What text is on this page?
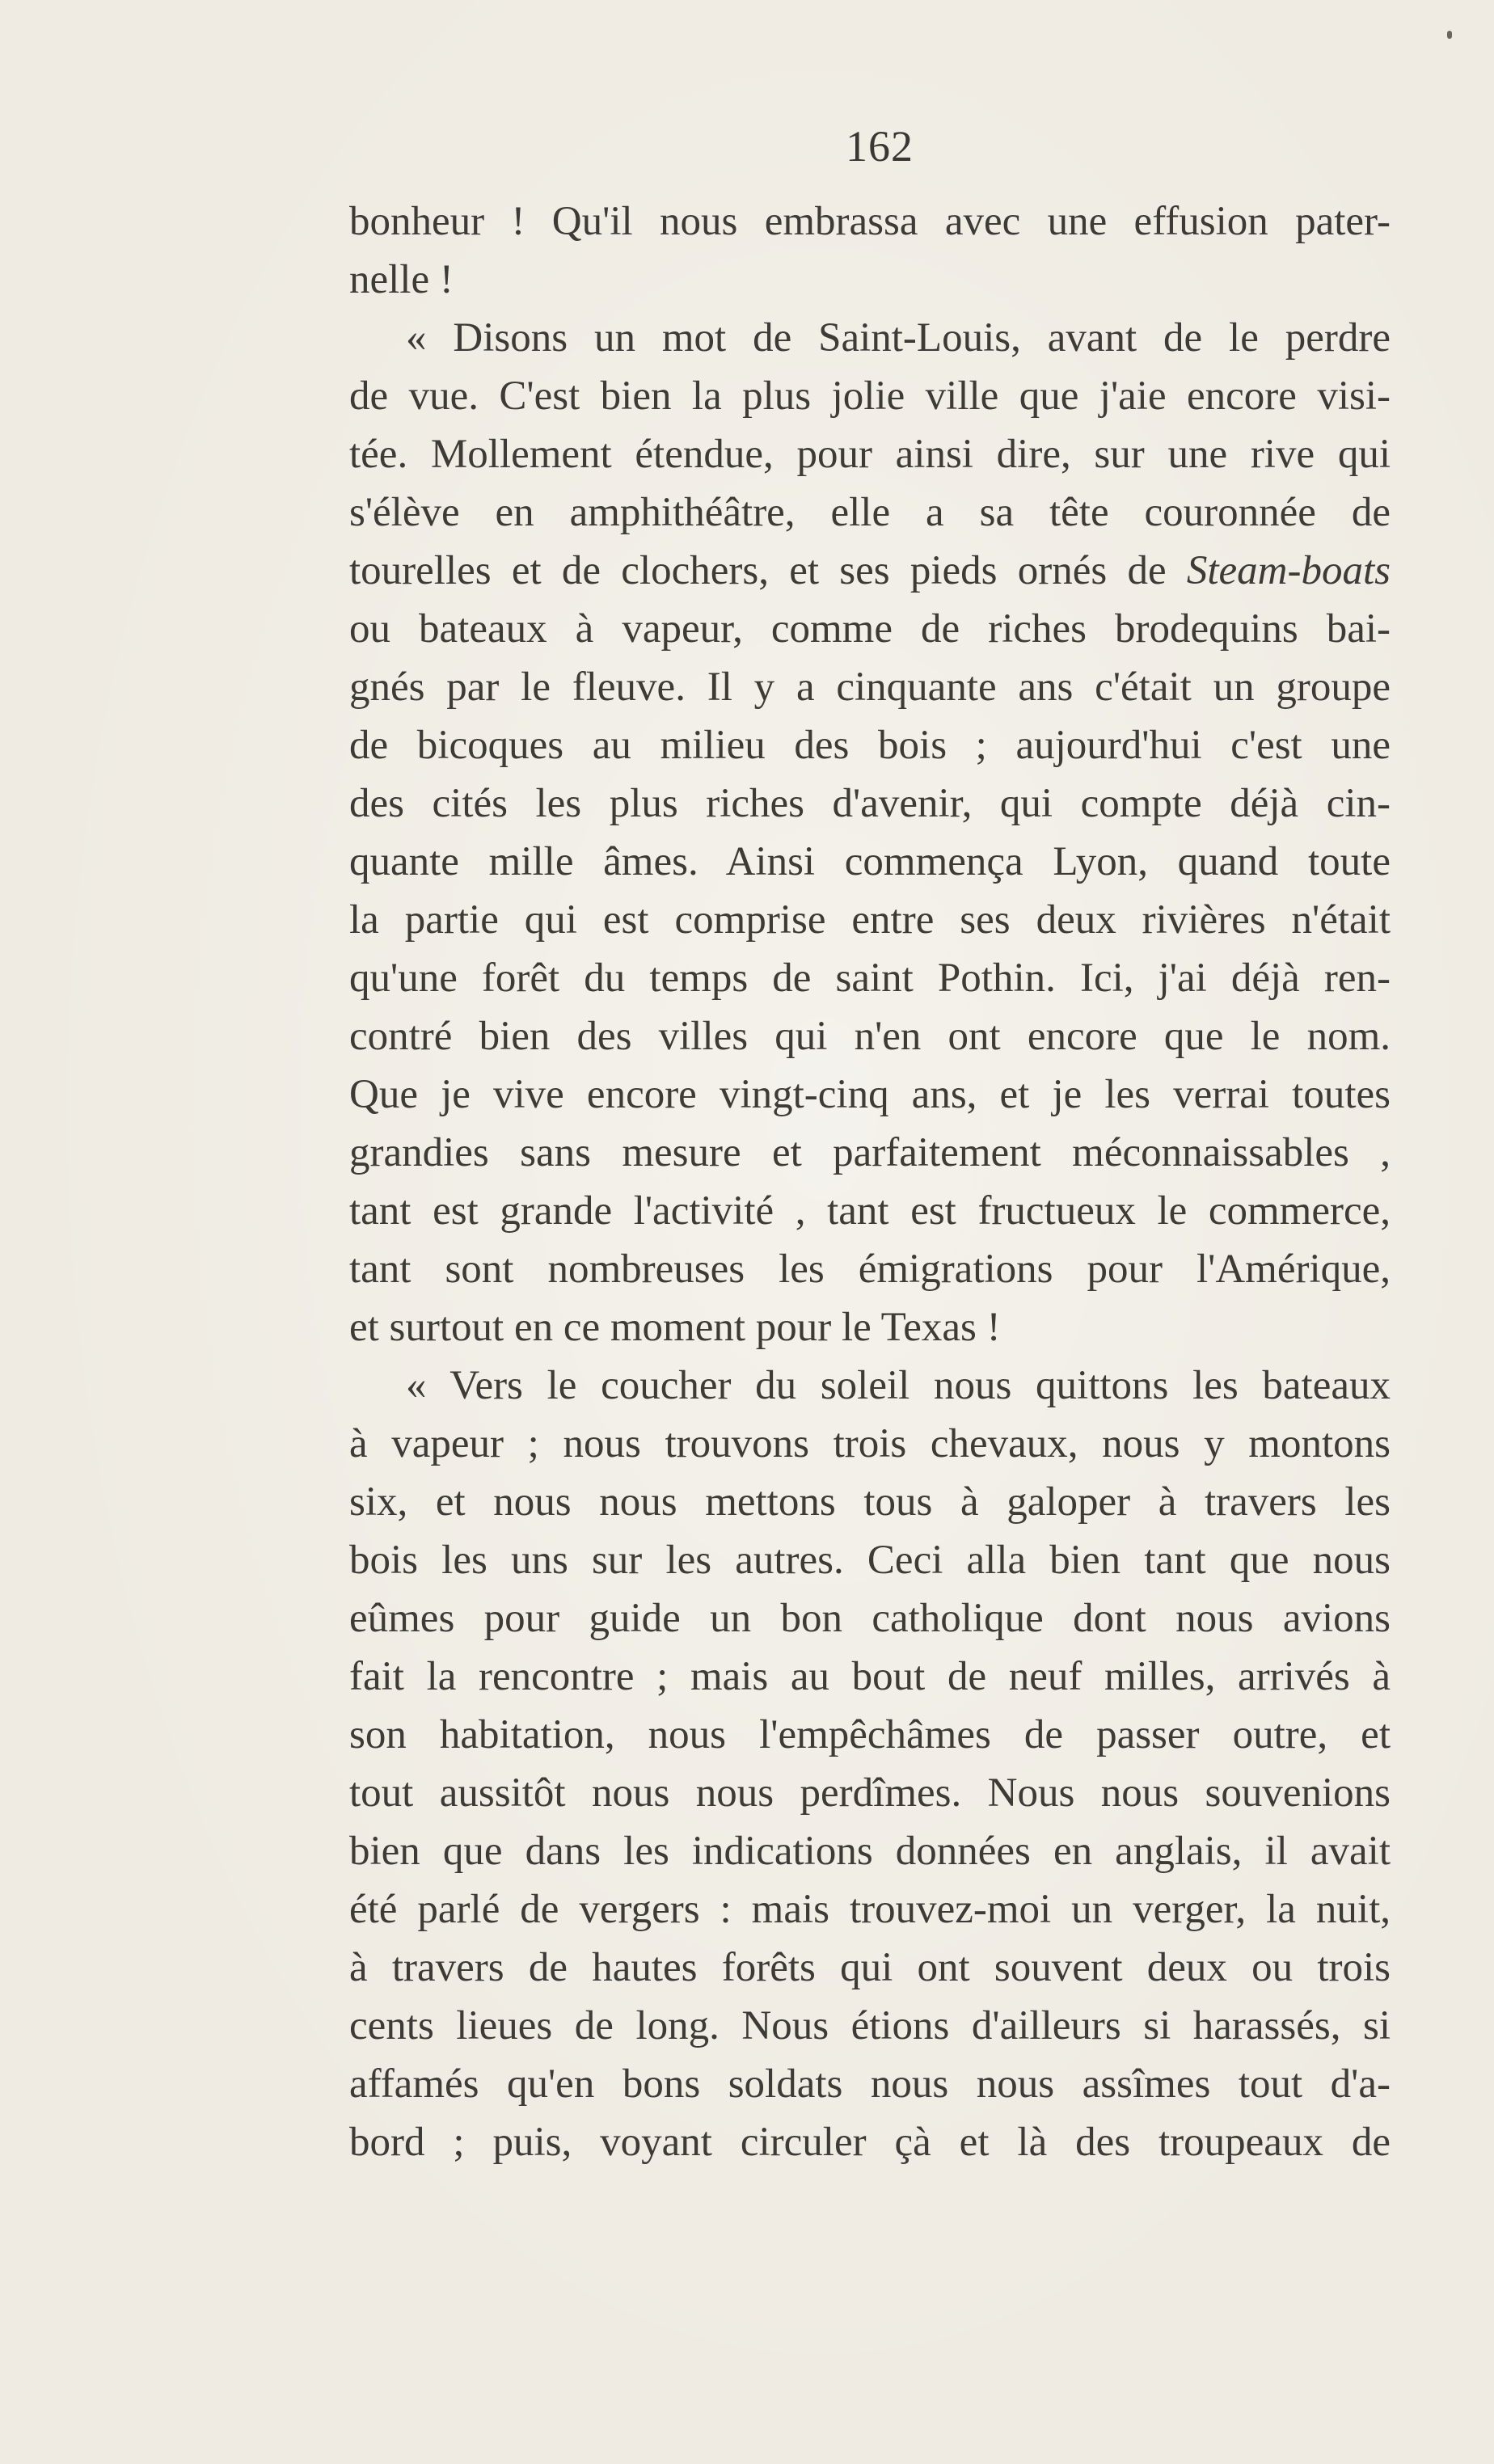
162
bonheur ! Qu'il nous embrassa avec une effusion pater-
nelle !
« Disons un mot de Saint-Louis, avant de le perdre
de vue. C'est bien la plus jolie ville que j'aie encore visi-
tée. Mollement étendue, pour ainsi dire, sur une rive qui
s'élève en amphithéâtre, elle a sa tête couronnée de
tourelles et de clochers, et ses pieds ornés de Steam-boats
ou bateaux à vapeur, comme de riches brodequins bai-
gnés par le fleuve. Il y a cinquante ans c'était un groupe
de bicoques au milieu des bois ; aujourd'hui c'est une
des cités les plus riches d'avenir, qui compte déjà cin-
quante mille âmes. Ainsi commença Lyon, quand toute
la partie qui est comprise entre ses deux rivières n'était
qu'une forêt du temps de saint Pothin. Ici, j'ai déjà ren-
contré bien des villes qui n'en ont encore que le nom.
Que je vive encore vingt-cinq ans, et je les verrai toutes
grandies sans mesure et parfaitement méconnaissables ,
tant est grande l'activité , tant est fructueux le commerce,
tant sont nombreuses les émigrations pour l'Amérique,
et surtout en ce moment pour le Texas !
« Vers le coucher du soleil nous quittons les bateaux
à vapeur ; nous trouvons trois chevaux, nous y montons
six, et nous nous mettons tous à galoper à travers les
bois les uns sur les autres. Ceci alla bien tant que nous
eûmes pour guide un bon catholique dont nous avions
fait la rencontre ; mais au bout de neuf milles, arrivés à
son habitation, nous l'empêchâmes de passer outre, et
tout aussitôt nous nous perdîmes. Nous nous souvenions
bien que dans les indications données en anglais, il avait
été parlé de vergers : mais trouvez-moi un verger, la nuit,
à travers de hautes forêts qui ont souvent deux ou trois
cents lieues de long. Nous étions d'ailleurs si harassés, si
affamés qu'en bons soldats nous nous assîmes tout d'a-
bord ; puis, voyant circuler çà et là des troupeaux de
